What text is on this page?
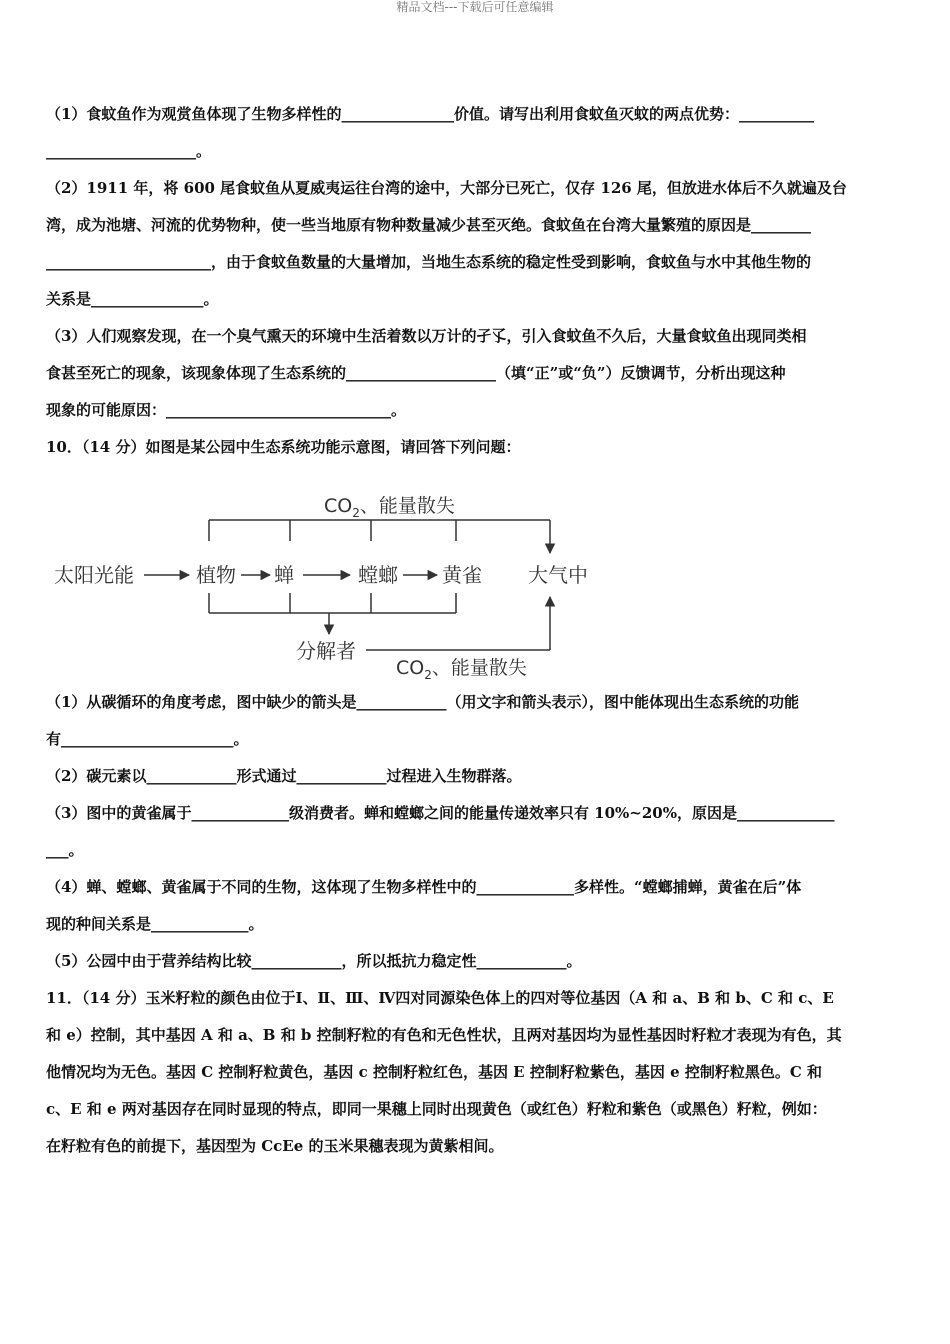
精品文档---下载后可任意编辑

（1）食蚊鱼作为观赏鱼体现了生物多样性的_______________价值。请写出利用食蚊鱼灭蚊的两点优势：__________

____________________。

（2）1911 年，将 600 尾食蚊鱼从夏威夷运往台湾的途中，大部分已死亡，仅存 126 尾，但放进水体后不久就遍及台

湾，成为池塘、河流的优势物种，使一些当地原有物种数量减少甚至灭绝。食蚊鱼在台湾大量繁殖的原因是________

______________________，由于食蚊鱼数量的大量增加，当地生态系统的稳定性受到影响，食蚊鱼与水中其他生物的

关系是_______________。

（3）人们观察发现，在一个臭气熏天的环境中生活着数以万计的孑孓，引入食蚊鱼不久后，大量食蚊鱼出现同类相

食甚至死亡的现象，该现象体现了生态系统的____________________（填“正”或“负”）反馈调节，分析出现这种

现象的可能原因：______________________________。

10．（14 分）如图是某公园中生态系统功能示意图，请回答下列问题：

$CO_2$、能量散失
太阳光能	植物 蝉	螳螂 黄雀 大气中
分解者
$CO_2$、能量散失

（1）从碳循环的角度考虑，图中缺少的箭头是____________（用文字和箭头表示），图中能体现出生态系统的功能

有_______________________。

（2）碳元素以____________形式通过____________过程进入生物群落。

（3）图中的黄雀属于_____________级消费者。蝉和螳螂之间的能量传递效率只有 10%~20%，原因是_____________

___。

（4）蝉、螳螂、黄雀属于不同的生物，这体现了生物多样性中的_____________多样性。“螳螂捕蝉，黄雀在后”体

现的种间关系是_____________。

（5）公园中由于营养结构比较____________，所以抵抗力稳定性____________。

11．（14 分）玉米籽粒的颜色由位于Ⅰ、Ⅱ、Ⅲ、Ⅳ四对同源染色体上的四对等位基因（A 和 a、B 和 b、C 和 c、E

和 e）控制，其中基因 A 和 a、B 和 b 控制籽粒的有色和无色性状，且两对基因均为显性基因时籽粒才表现为有色，其

他情况均为无色。基因 C 控制籽粒黄色，基因 c 控制籽粒红色，基因 E 控制籽粒紫色，基因 e 控制籽粒黑色。C 和

c、E 和 e 两对基因存在同时显现的特点，即同一果穗上同时出现黄色（或红色）籽粒和紫色（或黑色）籽粒，例如：

在籽粒有色的前提下，基因型为 CcEe 的玉米果穗表现为黄紫相间。
